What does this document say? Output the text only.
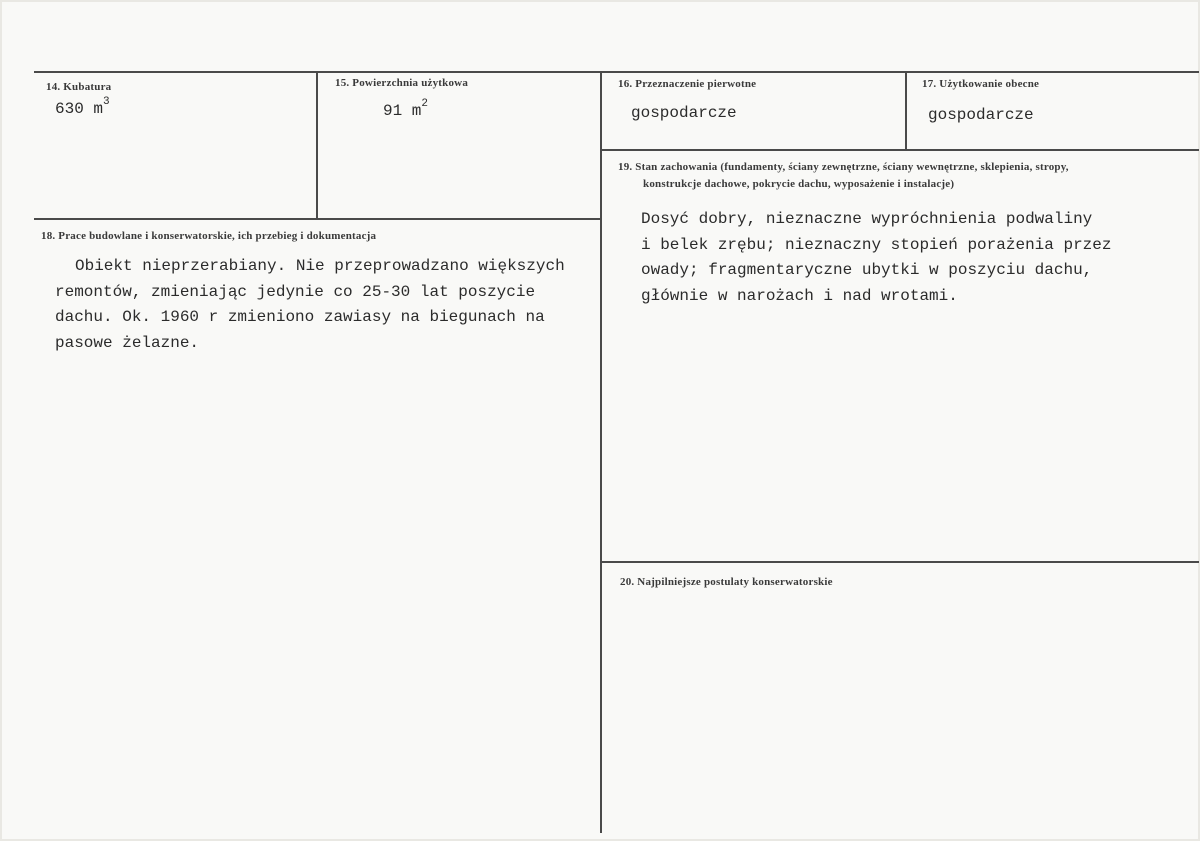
14. Kubatura
630 $m^3$
15. Powierzchnia użytkowa
91 $m^2$
16. Przeznaczenie pierwotne
gospodarcze
17. Użytkowanie obecne
gospodarcze
18. Prace budowlane i konserwatorskie, ich przebieg i dokumentacja
Obiekt nieprzerabiany. Nie przeprowadzano większych
remontów, zmieniając jedynie co 25-30 lat poszycie
dachu. Ok. 1960 r zmieniono zawiasy na biegunach na
pasowe żelazne.
19. Stan zachowania (fundamenty, ściany zewnętrzne, ściany wewnętrzne, sklepienia, stropy,
konstrukcje dachowe, pokrycie dachu, wyposażenie i instalacje)
Dosyć dobry, nieznaczne wypróchnienia podwaliny
i belek zrębu; nieznaczny stopień porażenia przez
owady; fragmentaryczne ubytki w poszyciu dachu,
głównie w narożach i nad wrotami.
20. Najpilniejsze postulaty konserwatorskie
